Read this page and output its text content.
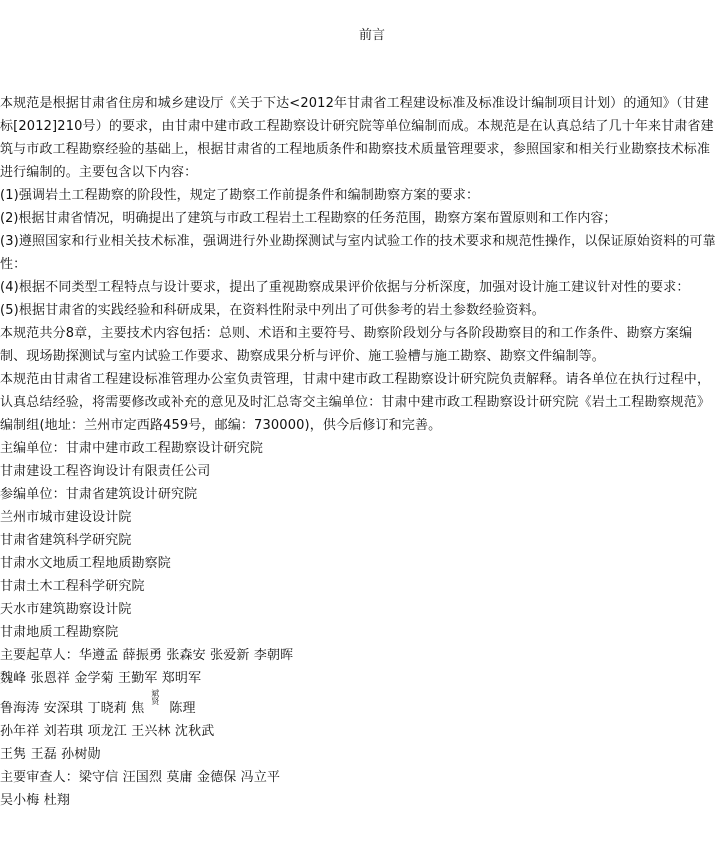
前言

本规范是根据甘肃省住房和城乡建设厅《关于下达<2012年甘肃省工程建设标准及标准设计编制项目计划）的通知》（甘建标[2012]210号）的要求，由甘肃中建市政工程勘察设计研究院等单位编制而成。本规范是在认真总结了几十年来甘肃省建筑与市政工程勘察经验的基础上，根据甘肃省的工程地质条件和勘察技术质量管理要求，参照国家和相关行业勘察技术标准进行编制的。主要包含以下内容：

(1)强调岩土工程勘察的阶段性，规定了勘察工作前提条件和编制勘察方案的要求：

(2)根据甘肃省情况，明确提出了建筑与市政工程岩土工程勘察的任务范围，勘察方案布置原则和工作内容；

(3)遵照国家和行业相关技术标准，强调进行外业勘探测试与室内试验工作的技术要求和规范性操作，以保证原始资料的可靠性：

(4)根据不同类型工程特点与设计要求，提出了重视勘察成果评价依据与分析深度，加强对设计施工建议针对性的要求：

(5)根据甘肃省的实践经验和科研成果，在资料性附录中列出了可供参考的岩土参数经验资料。

本规范共分8章，主要技术内容包括：总则、术语和主要符号、勘察阶段划分与各阶段勘察目的和工作条件、勘察方案编制、现场勘探测试与室内试验工作要求、勘察成果分析与评价、施工验槽与施工勘察、勘察文件编制等。

本规范由甘肃省工程建设标准管理办公室负责管理，甘肃中建市政工程勘察设计研究院负责解释。请各单位在执行过程中，认真总结经验，将需要修改或补充的意见及时汇总寄交主编单位：甘肃中建市政工程勘察设计研究院《岩土工程勘察规范》编制组(地址：兰州市定西路459号，邮编：730000)，供今后修订和完善。

主编单位：甘肃中建市政工程勘察设计研究院

甘肃建设工程咨询设计有限责任公司

参编单位：甘肃省建筑设计研究院

兰州市城市建设设计院

甘肃省建筑科学研究院

甘肃水文地质工程地质勘察院

甘肃土木工程科学研究院

天水市建筑勘察设计院

甘肃地质工程勘察院

主要起草人：华遵孟 薛振勇 张森安 张爱新 李朝晖

魏峰 张恩祥 金学菊 王勤军 郑明军

鲁海涛 安深琪 丁晓莉 焦斌贤 陈理

孙年祥 刘若琪 项龙江 王兴林 沈秋武

王隽 王磊 孙树勋

主要审查人：梁守信 汪国烈 莫庸 金德保 冯立平

吴小梅 杜翔
